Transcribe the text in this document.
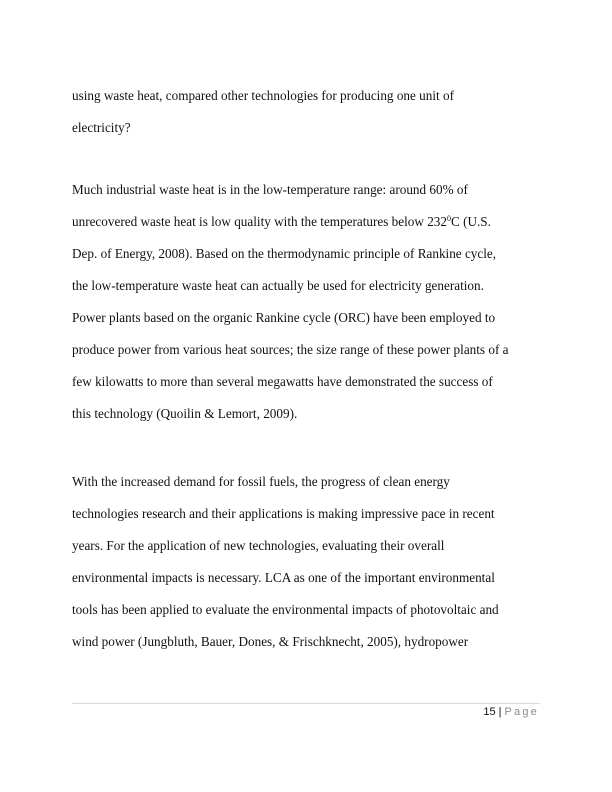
using waste heat, compared other technologies for producing one unit of
electricity?
Much industrial waste heat is in the low-temperature range: around 60% of
unrecovered waste heat is low quality with the temperatures below $232^0C$ (U.S.
Dep. of Energy, 2008). Based on the thermodynamic principle of Rankine cycle,
the low-temperature waste heat can actually be used for electricity generation.
Power plants based on the organic Rankine cycle (ORC) have been employed to
produce power from various heat sources; the size range of these power plants of a
few kilowatts to more than several megawatts have demonstrated the success of
this technology (Quoilin & Lemort, 2009).
With the increased demand for fossil fuels, the progress of clean energy
technologies research and their applications is making impressive pace in recent
years. For the application of new technologies, evaluating their overall
environmental impacts is necessary. LCA as one of the important environmental
tools has been applied to evaluate the environmental impacts of photovoltaic and
wind power (Jungbluth, Bauer, Dones, & Frischknecht, 2005), hydropower
15 | Page
